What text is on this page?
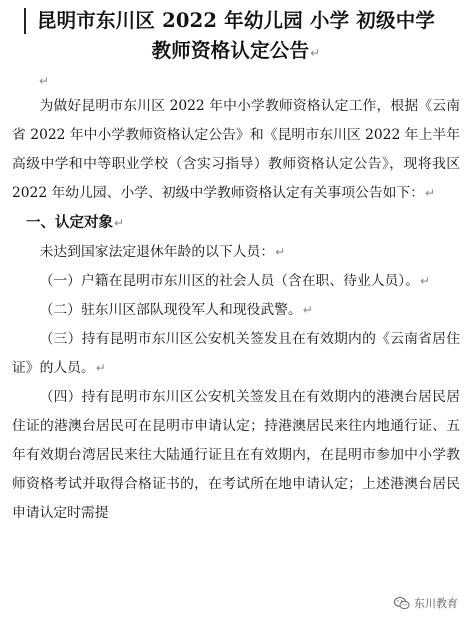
昆明市东川区 2022 年幼儿园 小学 初级中学
教师资格认定公告↵
↵

为做好昆明市东川区 2022 年中小学教师资格认定工作，根据《云南省 2022 年中小学教师资格认定公告》和《昆明市东川区 2022 年上半年高级中学和中等职业学校（含实习指导）教师资格认定公告》，现将我区 2022 年幼儿园、小学、初级中学教师资格认定有关事项公告如下：↵

一、认定对象↵

未达到国家法定退休年龄的以下人员：↵

（一）户籍在昆明市东川区的社会人员（含在职、待业人员）。↵

（二）驻东川区部队现役军人和现役武警。↵

（三）持有昆明市东川区公安机关签发且在有效期内的《云南省居住证》的人员。↵

（四）持有昆明市东川区公安机关签发且在有效期内的港澳台居民居住证的港澳台居民可在昆明市申请认定；持港澳居民来往内地通行证、五年有效期台湾居民来往大陆通行证且在有效期内，在昆明市参加中小学教师资格考试并取得合格证书的，在考试所在地申请认定；上述港澳台居民申请认定时需提

东川教育
